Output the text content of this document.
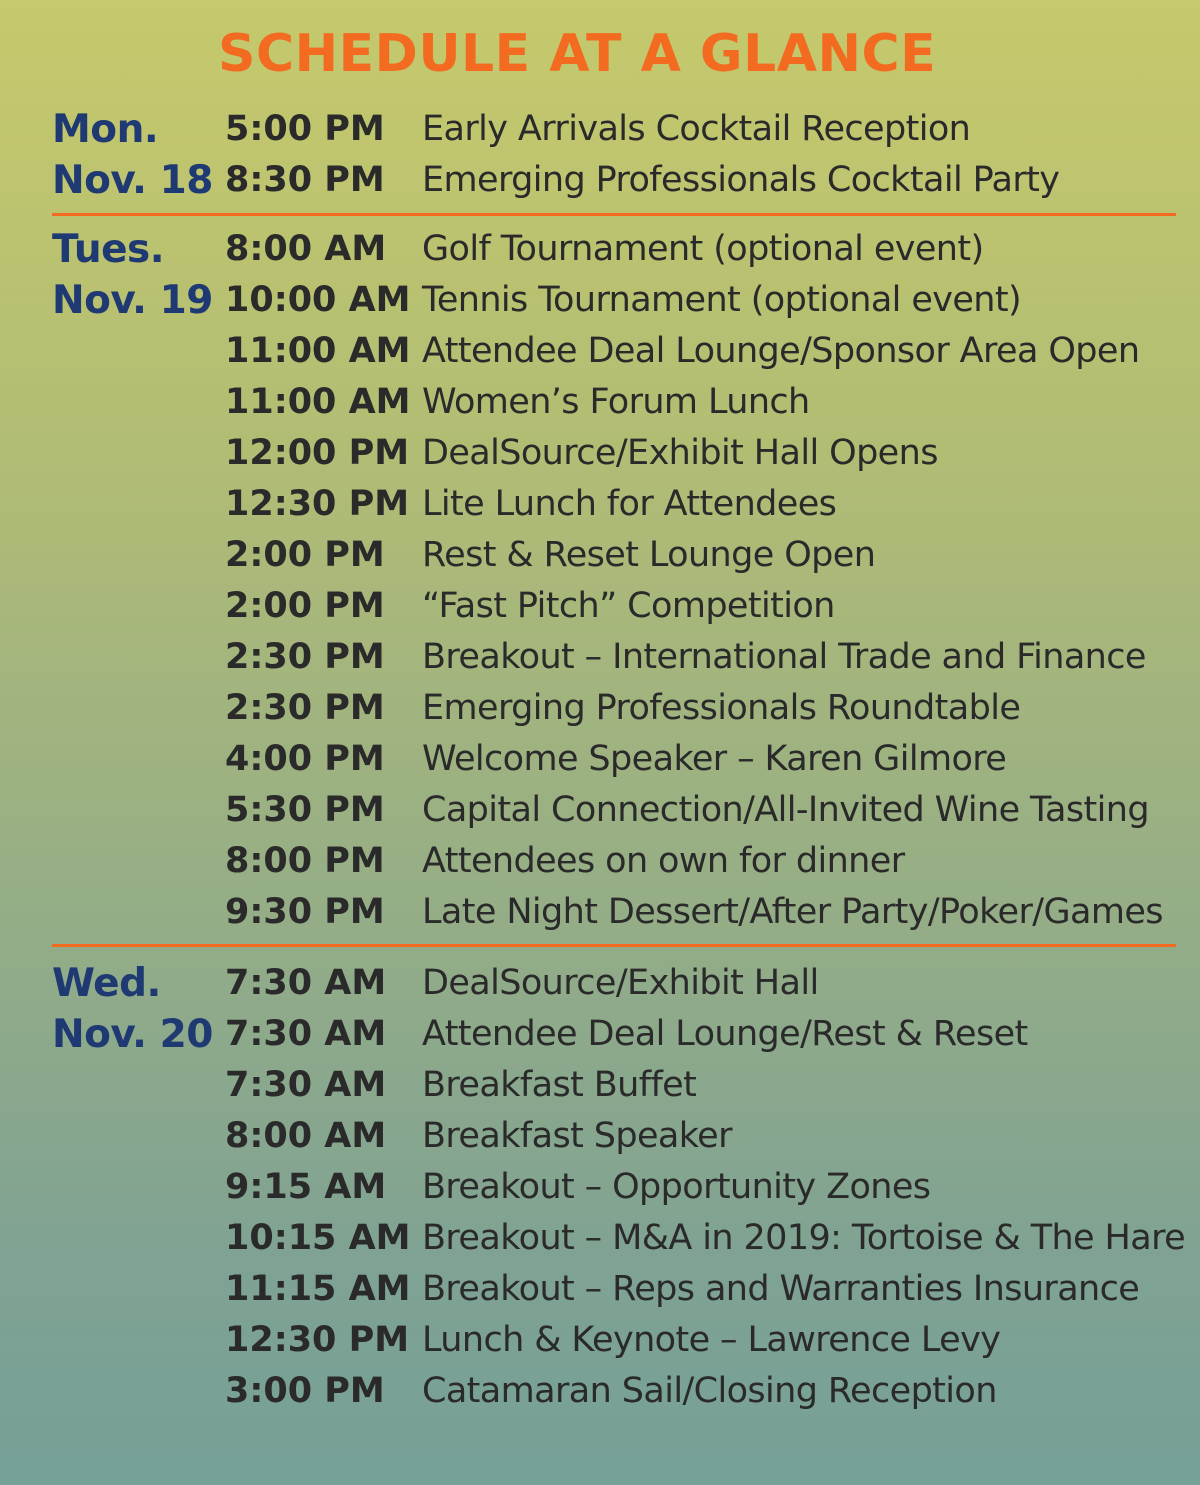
SCHEDULE AT A GLANCE
Mon.
Nov. 18
5:00 PM Early Arrivals Cocktail Reception
8:30 PM Emerging Professionals Cocktail Party
Tues.
Nov. 19
8:00 AM Golf Tournament (optional event)
10:00 AM Tennis Tournament (optional event)
11:00 AM Attendee Deal Lounge/Sponsor Area Open
11:00 AM Women’s Forum Lunch
12:00 PM DealSource/Exhibit Hall Opens
12:30 PM Lite Lunch for Attendees
2:00 PM Rest & Reset Lounge Open
2:00 PM “Fast Pitch” Competition
2:30 PM Breakout – International Trade and Finance
2:30 PM Emerging Professionals Roundtable
4:00 PM Welcome Speaker – Karen Gilmore
5:30 PM Capital Connection/All-Invited Wine Tasting
8:00 PM Attendees on own for dinner
9:30 PM Late Night Dessert/After Party/Poker/Games
Wed.
Nov. 20
7:30 AM DealSource/Exhibit Hall
7:30 AM Attendee Deal Lounge/Rest & Reset
7:30 AM Breakfast Buffet
8:00 AM Breakfast Speaker
9:15 AM Breakout – Opportunity Zones
10:15 AM Breakout – M&A in 2019: Tortoise & The Hare
11:15 AM Breakout – Reps and Warranties Insurance
12:30 PM Lunch & Keynote – Lawrence Levy
3:00 PM Catamaran Sail/Closing Reception
